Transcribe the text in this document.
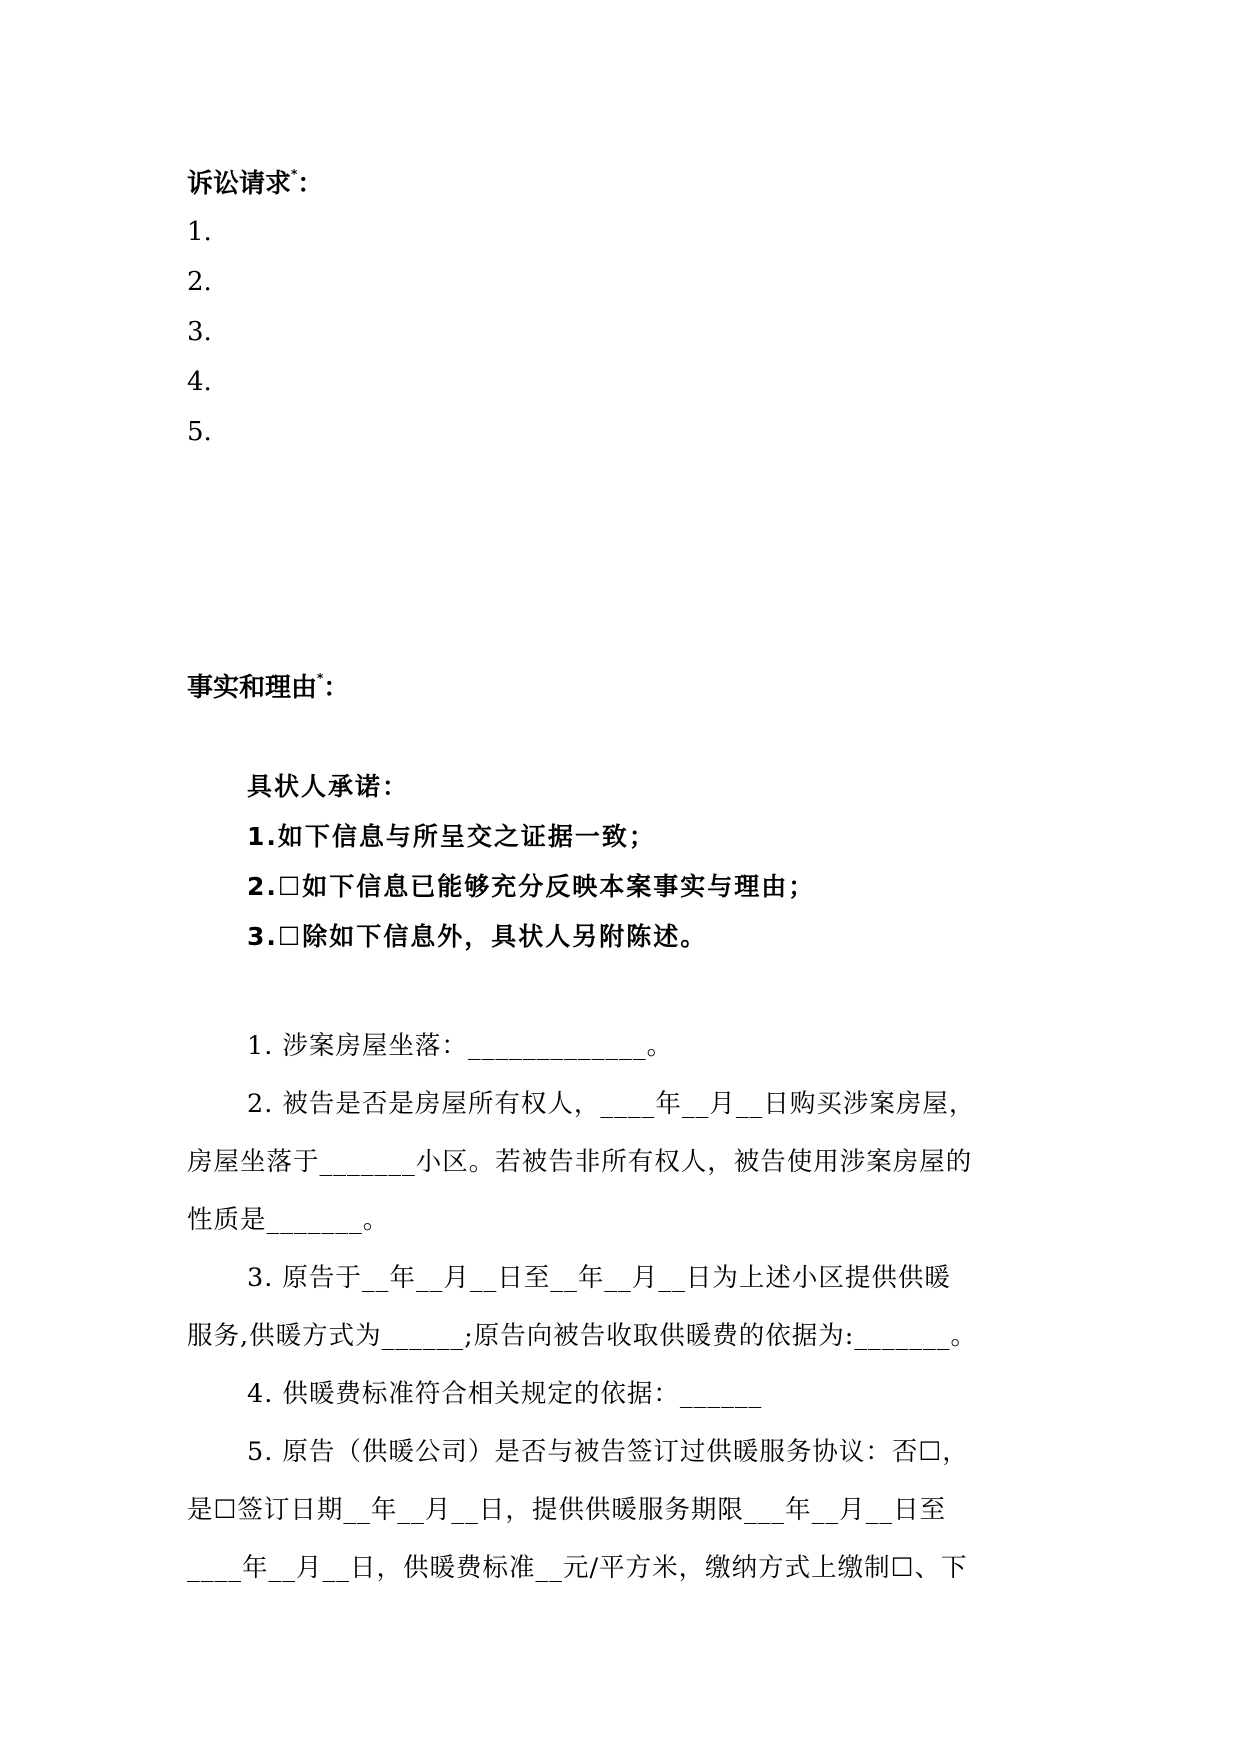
诉讼请求*：
1.
2.
3.
4.
5.
事实和理由*：
具状人承诺：
1.如下信息与所呈交之证据一致；
2.☐如下信息已能够充分反映本案事实与理由；
3.☐除如下信息外，具状人另附陈述。
1. 涉案房屋坐落：_____________。
2. 被告是否是房屋所有权人，____年__月__日购买涉案房屋，
房屋坐落于_______小区。若被告非所有权人，被告使用涉案房屋的
性质是_______。
3. 原告于__年__月__日至__年__月__日为上述小区提供供暖
服务,供暖方式为______;原告向被告收取供暖费的依据为:_______。
4. 供暖费标准符合相关规定的依据：______
5. 原告（供暖公司）是否与被告签订过供暖服务协议：否☐，
是☐签订日期__年__月__日，提供供暖服务期限___年__月__日至
____年__月__日，供暖费标准__元/平方米，缴纳方式上缴制☐、下
